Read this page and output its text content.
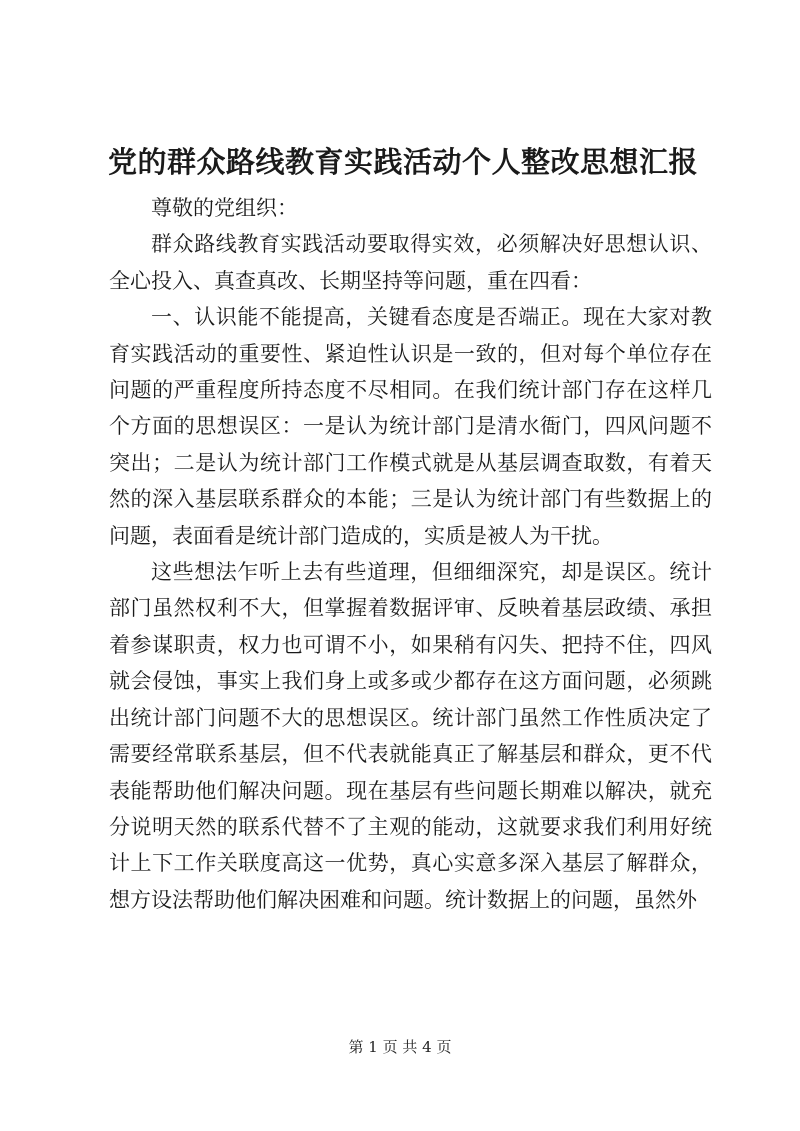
党的群众路线教育实践活动个人整改思想汇报

尊敬的党组织：

群众路线教育实践活动要取得实效，必须解决好思想认识、全心投入、真查真改、长期坚持等问题，重在四看：

一、认识能不能提高，关键看态度是否端正。现在大家对教育实践活动的重要性、紧迫性认识是一致的，但对每个单位存在问题的严重程度所持态度不尽相同。在我们统计部门存在这样几个方面的思想误区：一是认为统计部门是清水衙门，四风问题不突出；二是认为统计部门工作模式就是从基层调查取数，有着天然的深入基层联系群众的本能；三是认为统计部门有些数据上的问题，表面看是统计部门造成的，实质是被人为干扰。

这些想法乍听上去有些道理，但细细深究，却是误区。统计部门虽然权利不大，但掌握着数据评审、反映着基层政绩、承担着参谋职责，权力也可谓不小，如果稍有闪失、把持不住，四风就会侵蚀，事实上我们身上或多或少都存在这方面问题，必须跳出统计部门问题不大的思想误区。统计部门虽然工作性质决定了需要经常联系基层，但不代表就能真正了解基层和群众，更不代表能帮助他们解决问题。现在基层有些问题长期难以解决，就充分说明天然的联系代替不了主观的能动，这就要求我们利用好统计上下工作关联度高这一优势，真心实意多深入基层了解群众，想方设法帮助他们解决困难和问题。统计数据上的问题，虽然外

第 1 页 共 4 页
